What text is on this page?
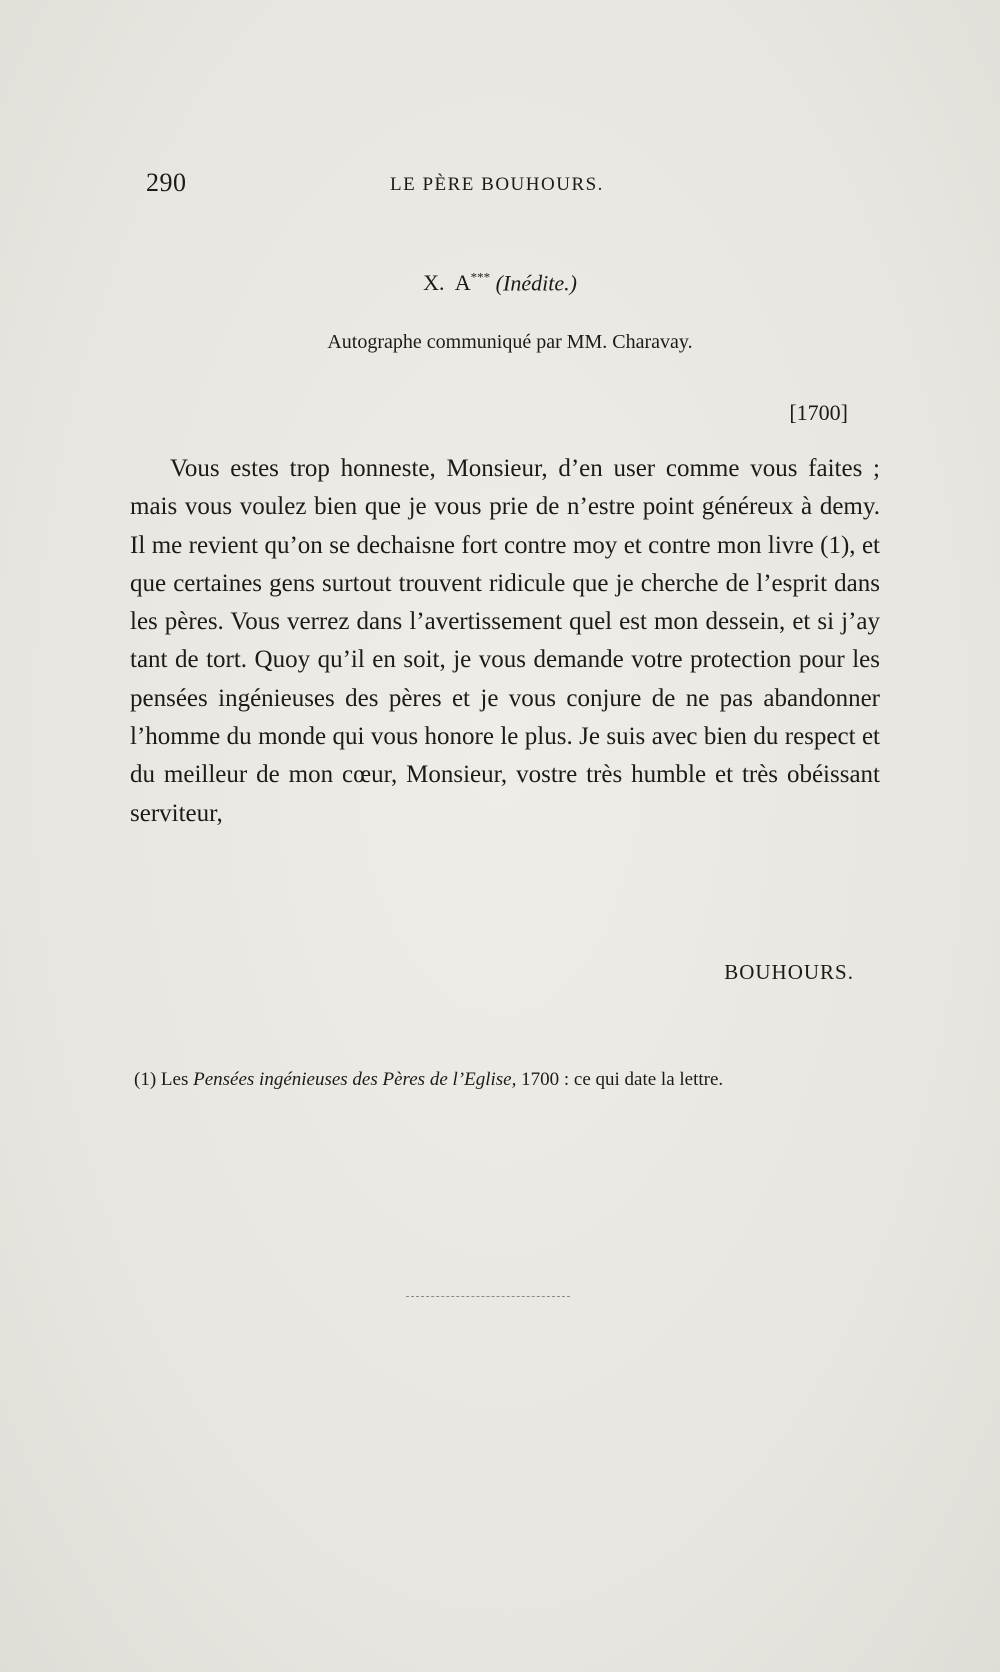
290	LE PÈRE BOUHOURS.
X. A*** (Inédite.)
Autographe communiqué par MM. Charavay.
[1700]

Vous estes trop honneste, Monsieur, d’en user comme vous faites ; mais vous voulez bien que je vous prie de n’estre point généreux à demy. Il me revient qu’on se dechaisne fort contre moy et contre mon livre (1), et que certaines gens surtout trouvent ridicule que je cherche de l’esprit dans les pères. Vous verrez dans l’avertissement quel est mon dessein, et si j’ay tant de tort. Quoy qu’il en soit, je vous demande votre protection pour les pensées ingénieuses des pères et je vous conjure de ne pas abandonner l’homme du monde qui vous honore le plus. Je suis avec bien du respect et du meilleur de mon cœur, Monsieur, vostre très humble et très obéissant serviteur,

BOUHOURS.

(1) Les Pensées ingénieuses des Pères de l’Eglise, 1700 : ce qui date la lettre.
